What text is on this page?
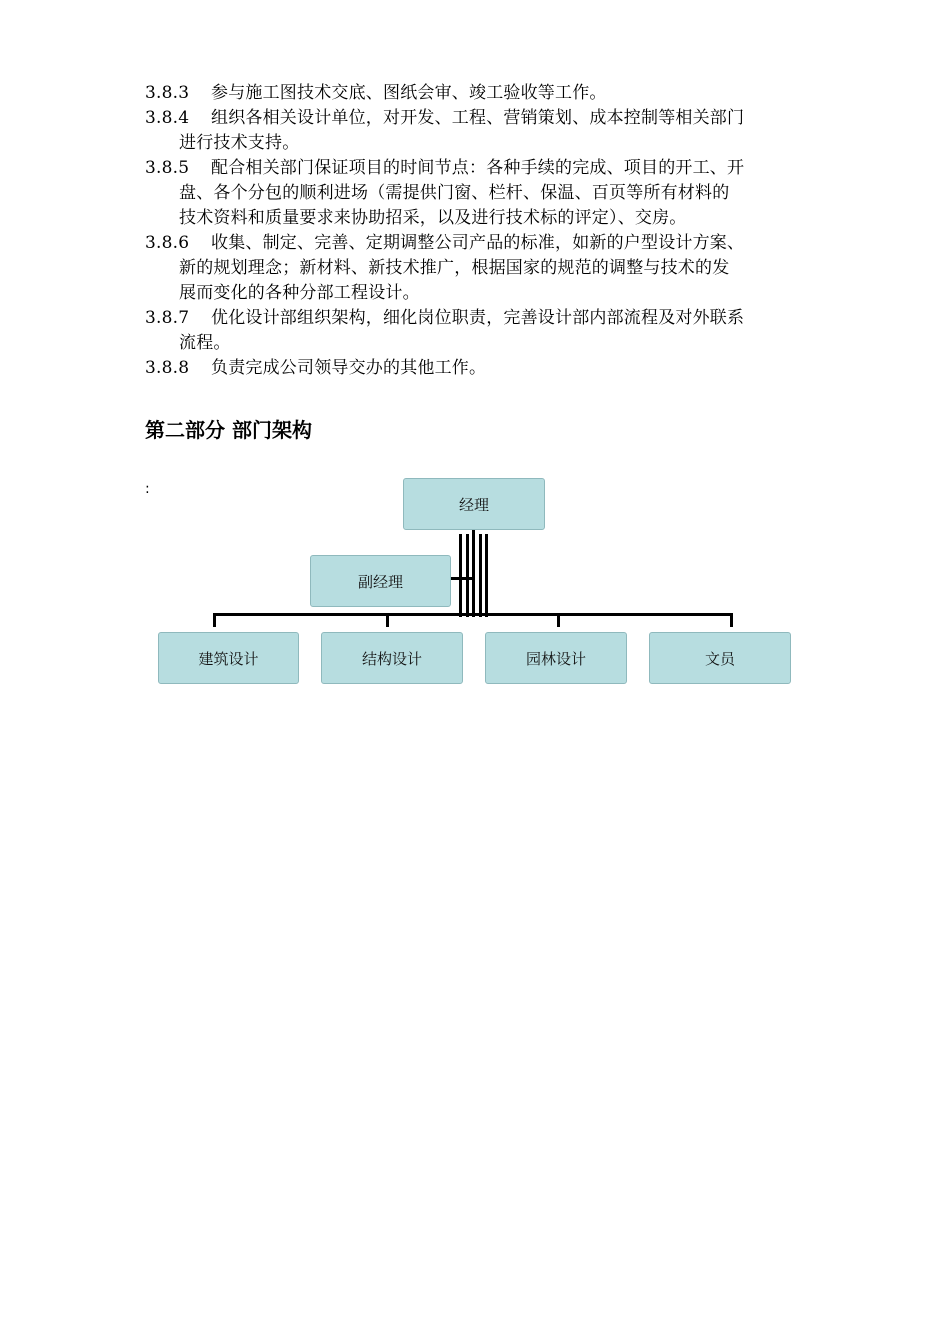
3.8.3 参与施工图技术交底、图纸会审、竣工验收等工作。
3.8.4 组织各相关设计单位，对开发、工程、营销策划、成本控制等相关部门
进行技术支持。
3.8.5 配合相关部门保证项目的时间节点：各种手续的完成、项目的开工、开
盘、各个分包的顺利进场（需提供门窗、栏杆、保温、百页等所有材料的
技术资料和质量要求来协助招采，以及进行技术标的评定）、交房。
3.8.6 收集、制定、完善、定期调整公司产品的标准，如新的户型设计方案、
新的规划理念；新材料、新技术推广，根据国家的规范的调整与技术的发
展而变化的各种分部工程设计。
3.8.7 优化设计部组织架构，细化岗位职责，完善设计部内部流程及对外联系
流程。
3.8.8 负责完成公司领导交办的其他工作。
第二部分 部门架构
:
经理
副经理
建筑设计	结构设计	园林设计	文员
